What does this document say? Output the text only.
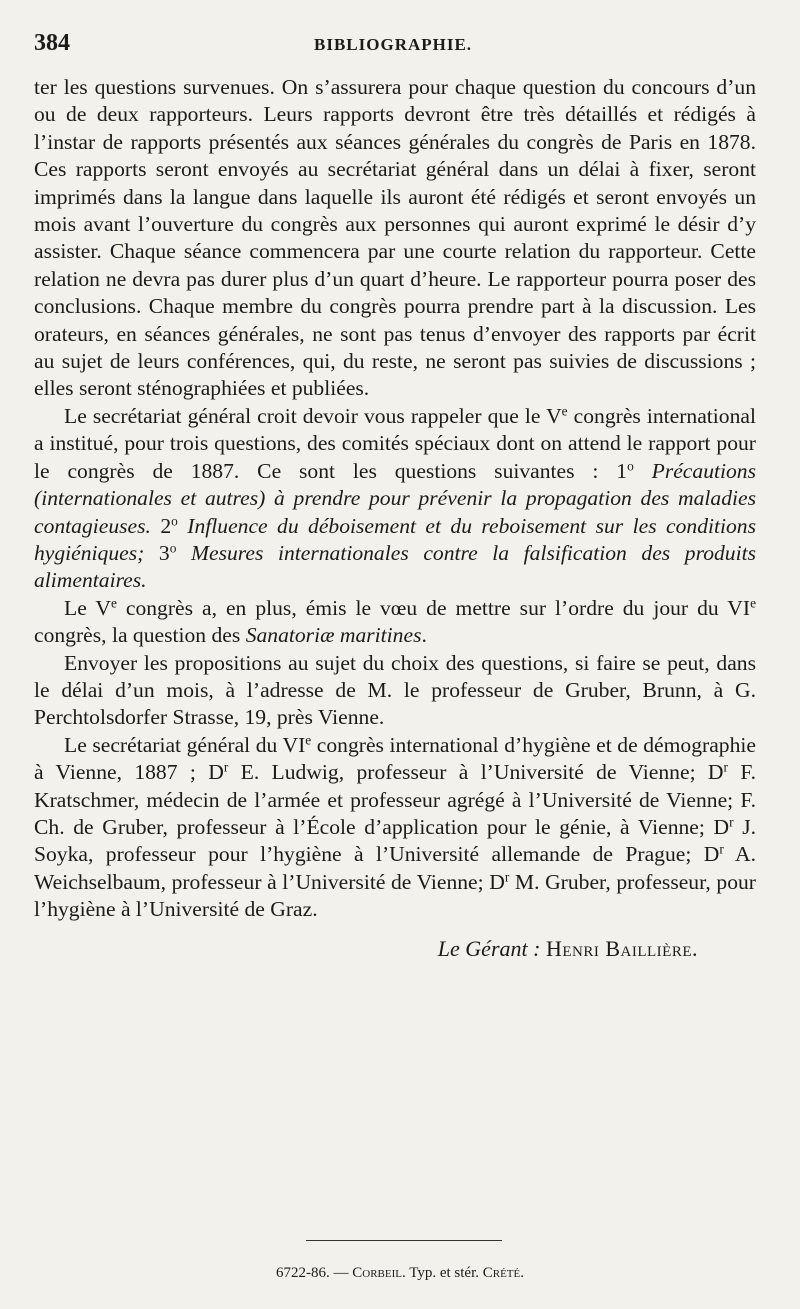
384	BIBLIOGRAPHIE.

ter les questions survenues. On s’assurera pour chaque question du concours d’un ou de deux rapporteurs. Leurs rapports devront être très détaillés et rédigés à l’instar de rapports présentés aux séances générales du congrès de Paris en 1878. Ces rapports seront envoyés au secrétariat général dans un délai à fixer, seront imprimés dans la langue dans laquelle ils auront été rédigés et seront envoyés un mois avant l’ouverture du congrès aux personnes qui auront exprimé le désir d’y assister. Chaque séance commencera par une courte relation du rapporteur. Cette relation ne devra pas durer plus d’un quart d’heure. Le rapporteur pourra poser des conclusions. Chaque membre du congrès pourra prendre part à la discussion. Les orateurs, en séances générales, ne sont pas tenus d’envoyer des rapports par écrit au sujet de leurs conférences, qui, du reste, ne seront pas suivies de discussions ; elles seront sténographiées et publiées.

Le secrétariat général croit devoir vous rappeler que le Ve congrès international a institué, pour trois questions, des comités spéciaux dont on attend le rapport pour le congrès de 1887. Ce sont les questions suivantes : 1$^o$ Précautions (internationales et autres) à prendre pour prévenir la propagation des maladies contagieuses. 2$^o$ Influence du déboisement et du reboisement sur les conditions hygiéniques; 3$^o$ Mesures internationales contre la falsification des produits alimentaires.

Le Ve congrès a, en plus, émis le vœu de mettre sur l’ordre du jour du VIe congrès, la question des Sanatoriæ maritines.

Envoyer les propositions au sujet du choix des questions, si faire se peut, dans le délai d’un mois, à l’adresse de M. le professeur de Gruber, Brunn, à G. Perchtolsdorfer Strasse, 19, près Vienne.

Le secrétariat général du VIe congrès international d’hygiène et de démographie à Vienne, 1887 ; $D^r$ E. Ludwig, professeur à l’Université de Vienne; $D^r$ F. Kratschmer, médecin de l’armée et professeur agrégé à l’Université de Vienne; F. Ch. de Gruber, professeur à l’École d’application pour le génie, à Vienne; $D^r$ J. Soyka, professeur pour l’hygiène à l’Université allemande de Prague; $D^r$ A. Weichselbaum, professeur à l’Université de Vienne; $D^r$ M. Gruber, professeur, pour l’hygiène à l’Université de Graz.

Le Gérant : Henri Baillière.
6722-86. — Corbeil. Typ. et stér. Crété.
